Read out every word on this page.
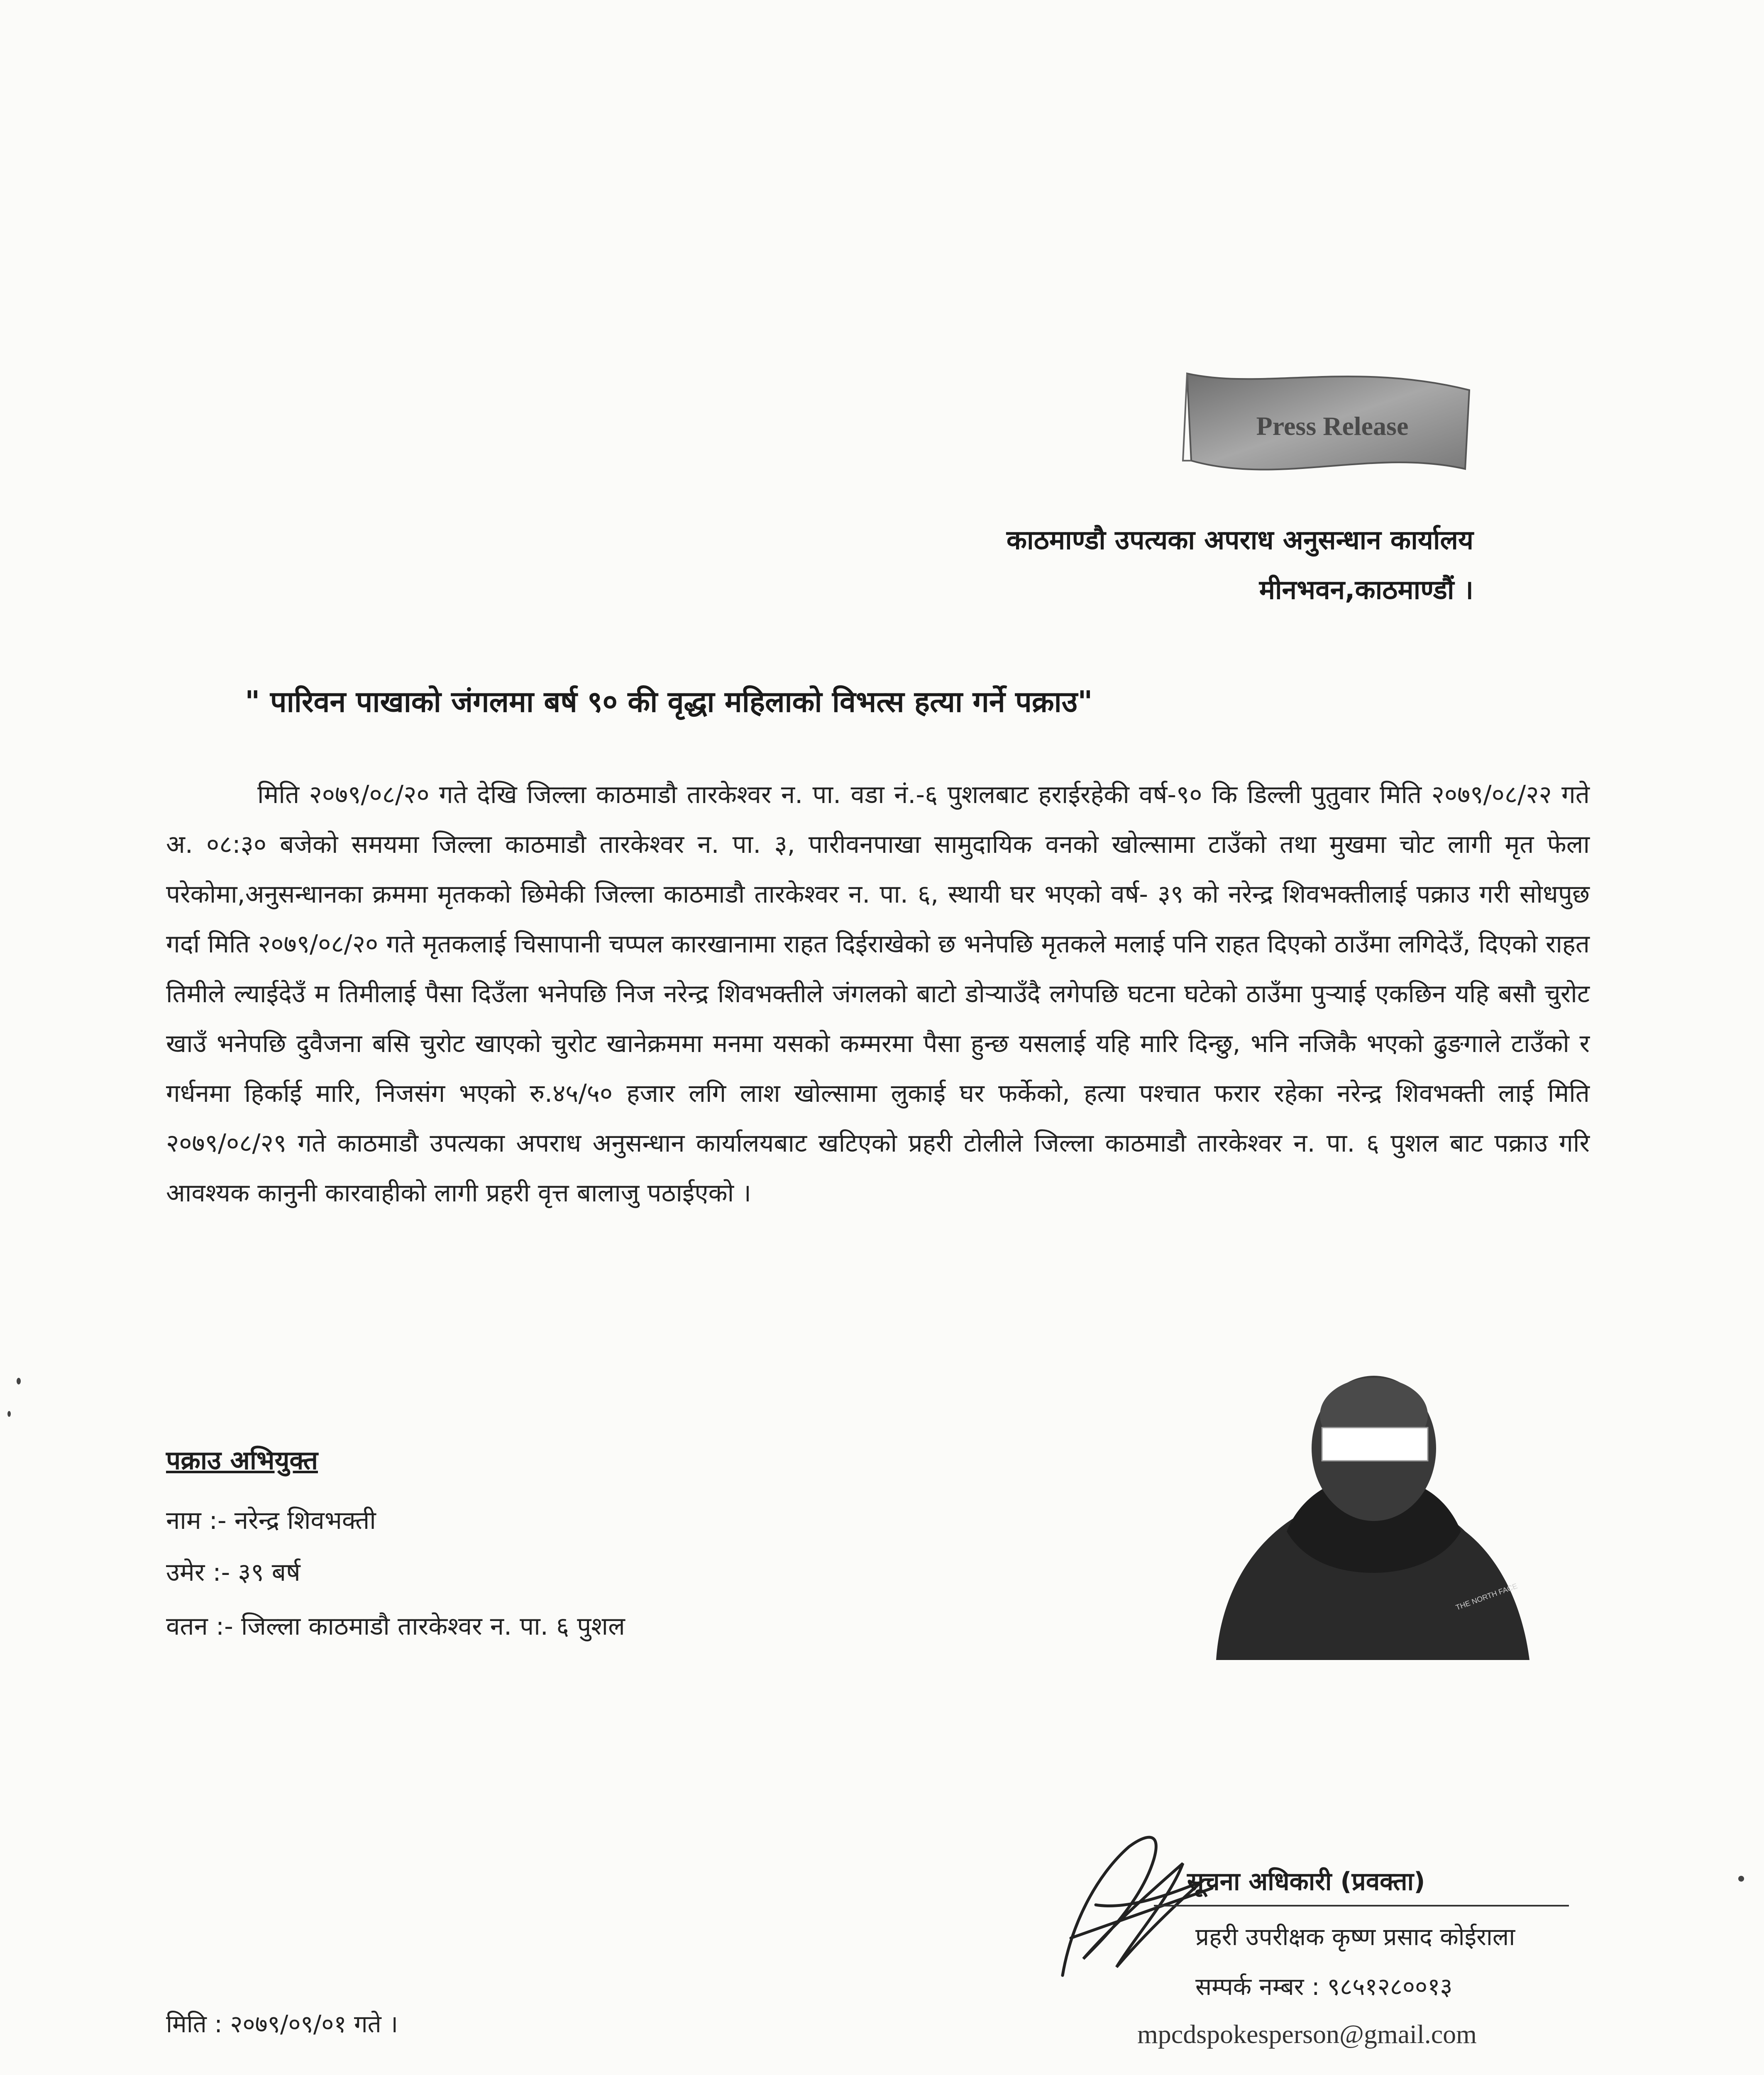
Press Release
काठमाण्डौ उपत्यका अपराध अनुसन्धान कार्यालय
मीनभवन,काठमाण्डौं ।
" पारिवन पाखाको जंगलमा बर्ष ९० की वृद्धा महिलाको विभत्स हत्या गर्ने पक्राउ"
मिति २०७९/०८/२० गते देखि जिल्ला काठमाडौ तारकेश्वर न. पा. वडा नं.-६ पुशलबाट हराईरहेकी वर्ष-९० कि डिल्ली पुतुवार मिति २०७९/०८/२२ गते अ. ०८:३० बजेको समयमा जिल्ला काठमाडौ तारकेश्वर न. पा. ३, पारीवनपाखा सामुदायिक वनको खोल्सामा टाउँको तथा मुखमा चोट लागी मृत फेला परेकोमा,अनुसन्धानका क्रममा मृतकको छिमेकी जिल्ला काठमाडौ तारकेश्वर न. पा. ६, स्थायी घर भएको वर्ष- ३९ को नरेन्द्र शिवभक्तीलाई पक्राउ गरी सोधपुछ गर्दा मिति २०७९/०८/२० गते मृतकलाई चिसापानी चप्पल कारखानामा राहत दिईराखेको छ भनेपछि मृतकले मलाई पनि राहत दिएको ठाउँमा लगिदेउँ, दिएको राहत तिमीले ल्याईदेउँ म तिमीलाई पैसा दिउँला भनेपछि निज नरेन्द्र शिवभक्तीले जंगलको बाटो डोऱ्याउँदै लगेपछि घटना घटेको ठाउँमा पुऱ्याई एकछिन यहि बसौ चुरोट खाउँ भनेपछि दुवैजना बसि चुरोट खाएको चुरोट खानेक्रममा मनमा यसको कम्मरमा पैसा हुन्छ यसलाई यहि मारि दिन्छु, भनि नजिकै भएको ढुङगाले टाउँको र गर्धनमा हिर्काई मारि, निजसंग भएको रु.४५/५० हजार लगि लाश खोल्सामा लुकाई घर फर्केको, हत्या पश्चात फरार रहेका नरेन्द्र शिवभक्ती लाई मिति २०७९/०८/२९ गते काठमाडौ उपत्यका अपराध अनुसन्धान कार्यालयबाट खटिएको प्रहरी टोलीले जिल्ला काठमाडौ तारकेश्वर न. पा. ६ पुशल बाट पक्राउ गरि आवश्यक कानुनी कारवाहीको लागी प्रहरी वृत्त बालाजु पठाईएको ।
पक्राउ अभियुक्त
नाम :- नरेन्द्र शिवभक्ती
उमेर :- ३९ बर्ष
वतन :- जिल्ला काठमाडौ तारकेश्वर न. पा. ६ पुशल
THE NORTH FACE
सूचना अधिकारी (प्रवक्ता)
प्रहरी उपरीक्षक कृष्ण प्रसाद कोईराला
सम्पर्क नम्बर : ९८५१२८००१३
mpcdspokesperson@gmail.com
मिति : २०७९/०९/०१ गते ।
